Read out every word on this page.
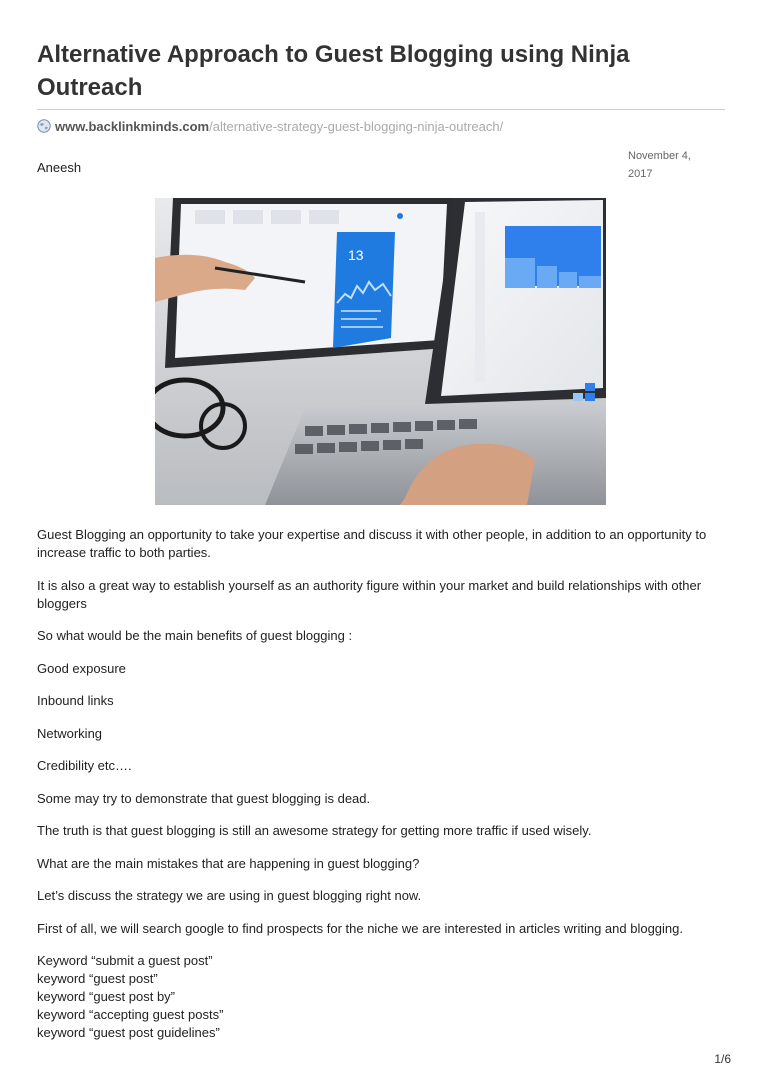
Alternative Approach to Guest Blogging using Ninja Outreach
www.backlinkminds.com/alternative-strategy-guest-blogging-ninja-outreach/
Aneesh
November 4, 2017
13

Guest Blogging an opportunity to take your expertise and discuss it with other people, in addition to an opportunity to increase traffic to both parties.

It is also a great way to establish yourself as an authority figure within your market and build relationships with other bloggers

So what would be the main benefits of guest blogging :

Good exposure

Inbound links

Networking

Credibility etc….

Some may try to demonstrate that guest blogging is dead.

The truth is that guest blogging is still an awesome strategy for getting more traffic if used wisely.

What are the main mistakes that are happening in guest blogging?

Let’s discuss the strategy we are using in guest blogging right now.

First of all, we will search google to find prospects for the niche we are interested in articles writing and blogging.

Keyword “submit a guest post”
keyword “guest post”
keyword “guest post by”
keyword “accepting guest posts”
keyword “guest post guidelines”
1/6
